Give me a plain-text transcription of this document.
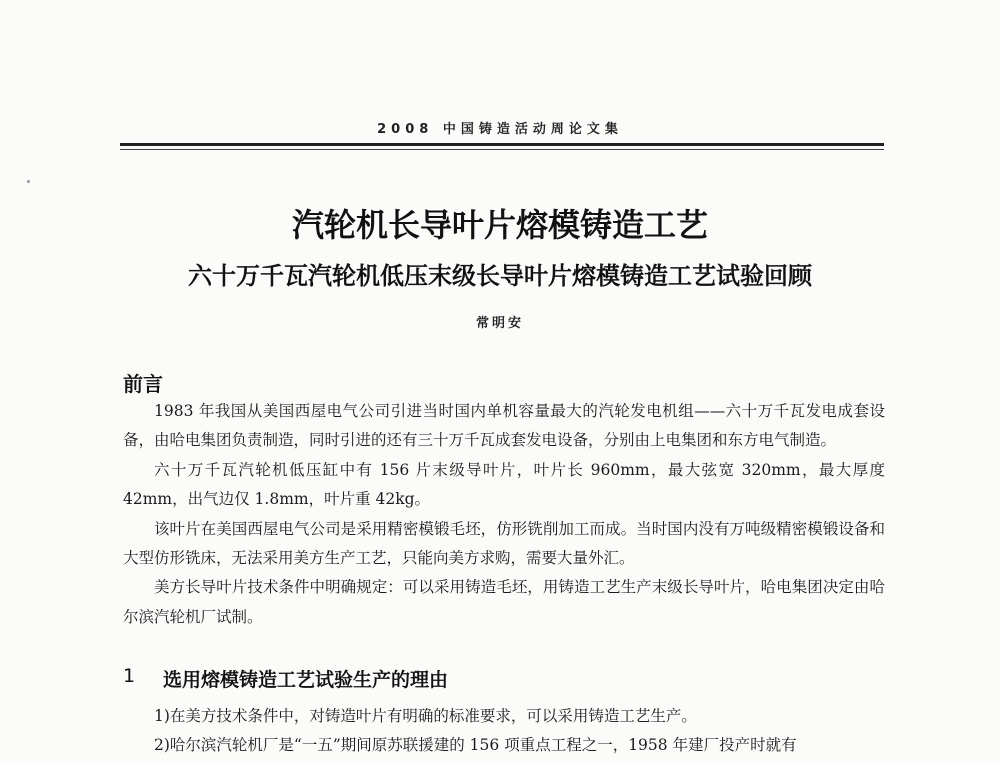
2008 中国铸造活动周论文集
汽轮机长导叶片熔模铸造工艺
六十万千瓦汽轮机低压末级长导叶片熔模铸造工艺试验回顾
常明安
前言

1983 年我国从美国西屋电气公司引进当时国内单机容量最大的汽轮发电机组——六十万千瓦发电成套设备，由哈电集团负责制造，同时引进的还有三十万千瓦成套发电设备，分别由上电集团和东方电气制造。

六十万千瓦汽轮机低压缸中有 156 片末级导叶片，叶片长 960mm，最大弦宽 320mm，最大厚度 42mm，出气边仅 1.8mm，叶片重 42kg。

该叶片在美国西屋电气公司是采用精密模锻毛坯，仿形铣削加工而成。当时国内没有万吨级精密模锻设备和大型仿形铣床，无法采用美方生产工艺，只能向美方求购，需要大量外汇。

美方长导叶片技术条件中明确规定：可以采用铸造毛坯，用铸造工艺生产末级长导叶片，哈电集团决定由哈尔滨汽轮机厂试制。

1 选用熔模铸造工艺试验生产的理由

1)在美方技术条件中，对铸造叶片有明确的标准要求，可以采用铸造工艺生产。

2)哈尔滨汽轮机厂是“一五”期间原苏联援建的 156 项重点工程之一，1958 年建厂投产时就有
